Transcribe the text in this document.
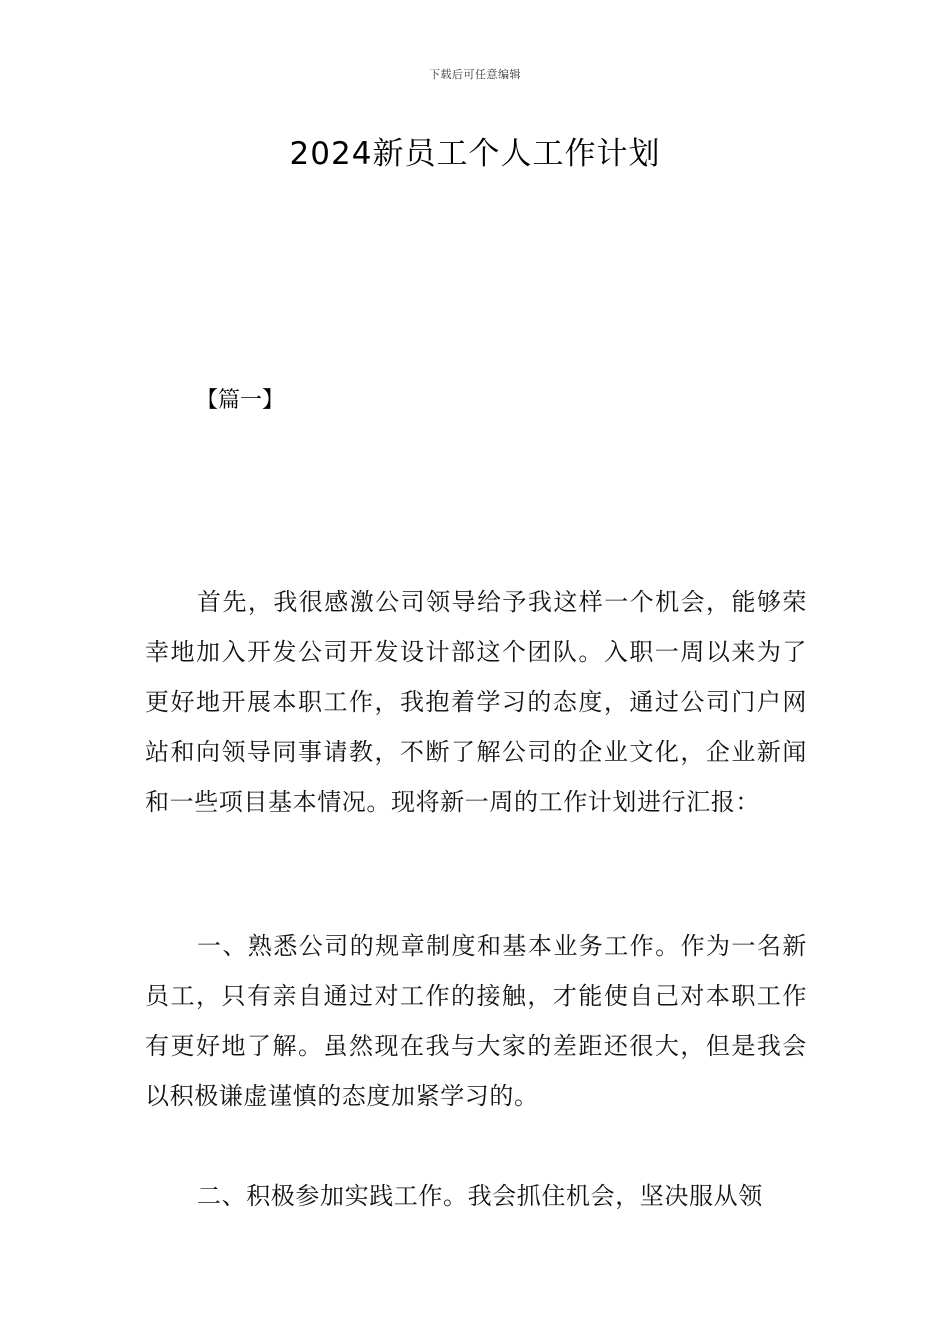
下载后可任意编辑
2024新员工个人工作计划
【篇一】

首先，我很感激公司领导给予我这样一个机会，能够荣幸地加入开发公司开发设计部这个团队。入职一周以来为了更好地开展本职工作，我抱着学习的态度，通过公司门户网站和向领导同事请教，不断了解公司的企业文化，企业新闻和一些项目基本情况。现将新一周的工作计划进行汇报：

一、熟悉公司的规章制度和基本业务工作。作为一名新员工，只有亲自通过对工作的接触，才能使自己对本职工作有更好地了解。虽然现在我与大家的差距还很大，但是我会以积极谦虚谨慎的态度加紧学习的。

二、积极参加实践工作。我会抓住机会，坚决服从领
